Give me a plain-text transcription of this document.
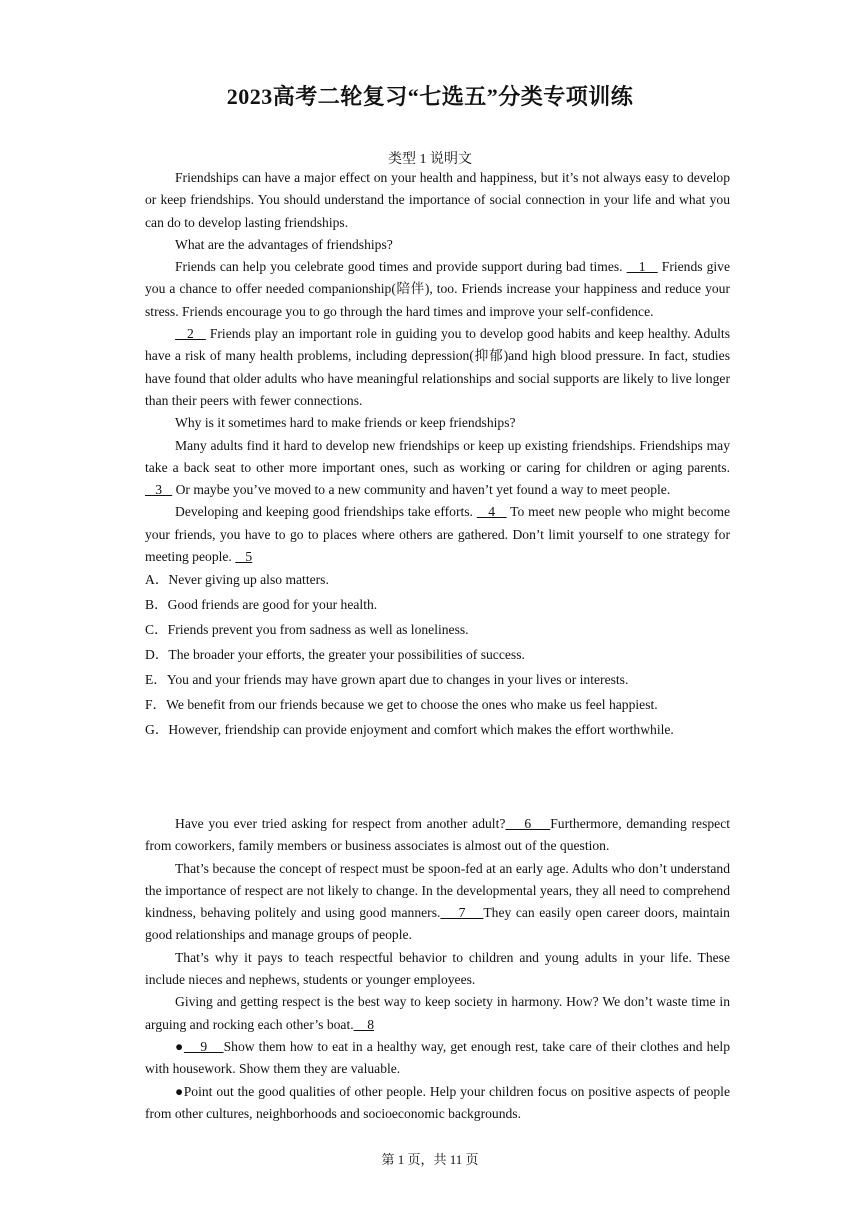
2023高考二轮复习“七选五”分类专项训练
类型 1 说明文

Friendships can have a major effect on your health and happiness, but it’s not always easy to develop or keep friendships. You should understand the importance of social connection in your life and what you can do to develop lasting friendships.

What are the advantages of friendships?

Friends can help you celebrate good times and provide support during bad times.    1    Friends give you a chance to offer needed companionship(陪伴), too. Friends increase your happiness and reduce your stress. Friends encourage you to go through the hard times and improve your self-confidence.

2    Friends play an important role in guiding you to develop good habits and keep healthy. Adults have a risk of many health problems, including depression(抑郁)and high blood pressure. In fact, studies have found that older adults who have meaningful relationships and social supports are likely to live longer than their peers with fewer connections.

Why is it sometimes hard to make friends or keep friendships?

Many adults find it hard to develop new friendships or keep up existing friendships. Friendships may take a back seat to other more important ones, such as working or caring for children or aging parents.    3    Or maybe you’ve moved to a new community and haven’t yet found a way to meet people.

Developing and keeping good friendships take efforts.    4    To meet new people who might become your friends, you have to go to places where others are gathered. Don’t limit yourself to one strategy for meeting people.    5

A．Never giving up also matters.

B．Good friends are good for your health.

C．Friends prevent you from sadness as well as loneliness.

D．The broader your efforts, the greater your possibilities of success.

E．You and your friends may have grown apart due to changes in your lives or interests.

F．We benefit from our friends because we get to choose the ones who make us feel happiest.

G．However, friendship can provide enjoyment and comfort which makes the effort worthwhile.

Have you ever tried asking for respect from another adult?    6    Furthermore, demanding respect from coworkers, family members or business associates is almost out of the question.

That’s because the concept of respect must be spoon-fed at an early age. Adults who don’t understand the importance of respect are not likely to change. In the developmental years, they all need to comprehend kindness, behaving politely and using good manners.    7    They can easily open career doors, maintain good relationships and manage groups of people.

That’s why it pays to teach respectful behavior to children and young adults in your life. These include nieces and nephews, students or younger employees.

Giving and getting respect is the best way to keep society in harmony. How? We don’t waste time in arguing and rocking each other’s boat.    8

●    9    Show them how to eat in a healthy way, get enough rest, take care of their clothes and help with housework. Show them they are valuable.

●Point out the good qualities of other people. Help your children focus on positive aspects of people from other cultures, neighborhoods and socioeconomic backgrounds.

第 1 页，共 11 页
